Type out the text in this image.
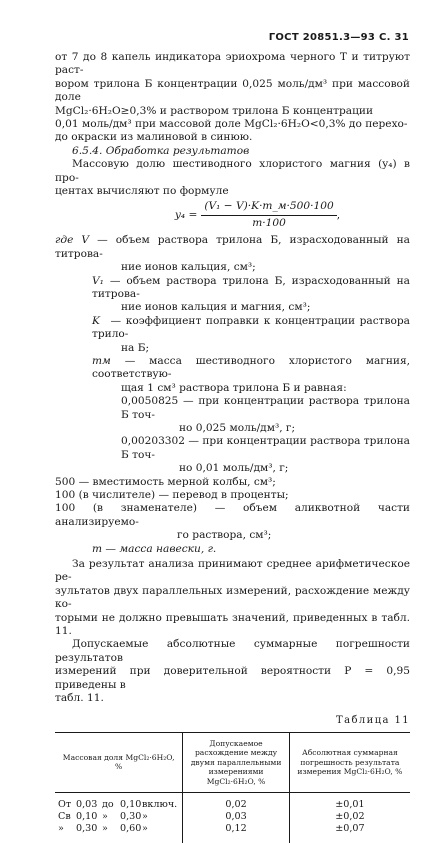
ГОСТ 20851.3—93 С. 31

от 7 до 8 капель индикатора эриохрома черного Т и титруют раст-
вором трилона Б концентрации 0,025 моль/дм³ при массовой доле
MgCl₂·6H₂O≥0,3% и раствором трилона Б концентрации
0,01 моль/дм³ при массовой доле MgCl₂·6H₂O<0,3% до перехо-
до окраски из малиновой в синюю.

6.5.4. Обработка результатов

Массовую долю шестиводного хлористого магния (y₄) в про-
центах вычисляют по формуле

$y_4 = \frac{\text{(V₁ − V)·K·m\_м·500·100}}{m\cdot 100}$ ,

где V — объем раствора трилона Б, израсходованный на титрова-
ние ионов кальция, см³;

V₁ — объем раствора трилона Б, израсходованный на титрова-
ние ионов кальция и магния, см³;

K — коэффициент поправки к концентрации раствора трило-
на Б;

mм — масса шестиводного хлористого магния, соответствую-
щая 1 см³ раствора трилона Б и равная:

0,0050825 — при концентрации раствора трилона Б точ-
но 0,025 моль/дм³, г;

0,00203302 — при концентрации раствора трилона Б точ-
но 0,01 моль/дм³, г;

500 — вместимость мерной колбы, см³;

100 (в числителе) — перевод в проценты;

100 (в знаменателе) — объем аликвотной части анализируемо-
го раствора, см³;

m — масса навески, г.

За результат анализа принимают среднее арифметическое ре-
зультатов двух параллельных измерений, расхождение между ко-
торыми не должно превышать значений, приведенных в табл. 11.

Допускаемые абсолютные суммарные погрешности результатов
измерений при доверительной вероятности P = 0,95 приведены в
табл. 11.

Таблица 11
Массовая доля MgCl₂·6H₂O, %	Допускаемое расхождение между двумя параллельными измерениями MgCl₂·6H₂O, %	Абсолютная суммарная погрешность результата измерения MgCl₂·6H₂O, %

От 0,03 до 0,10 включ.	0,02	±0,01

Св 0,10 » 0,30 »	0,03	±0,02

» 0,30 » 0,60 »	0,12	±0,07
